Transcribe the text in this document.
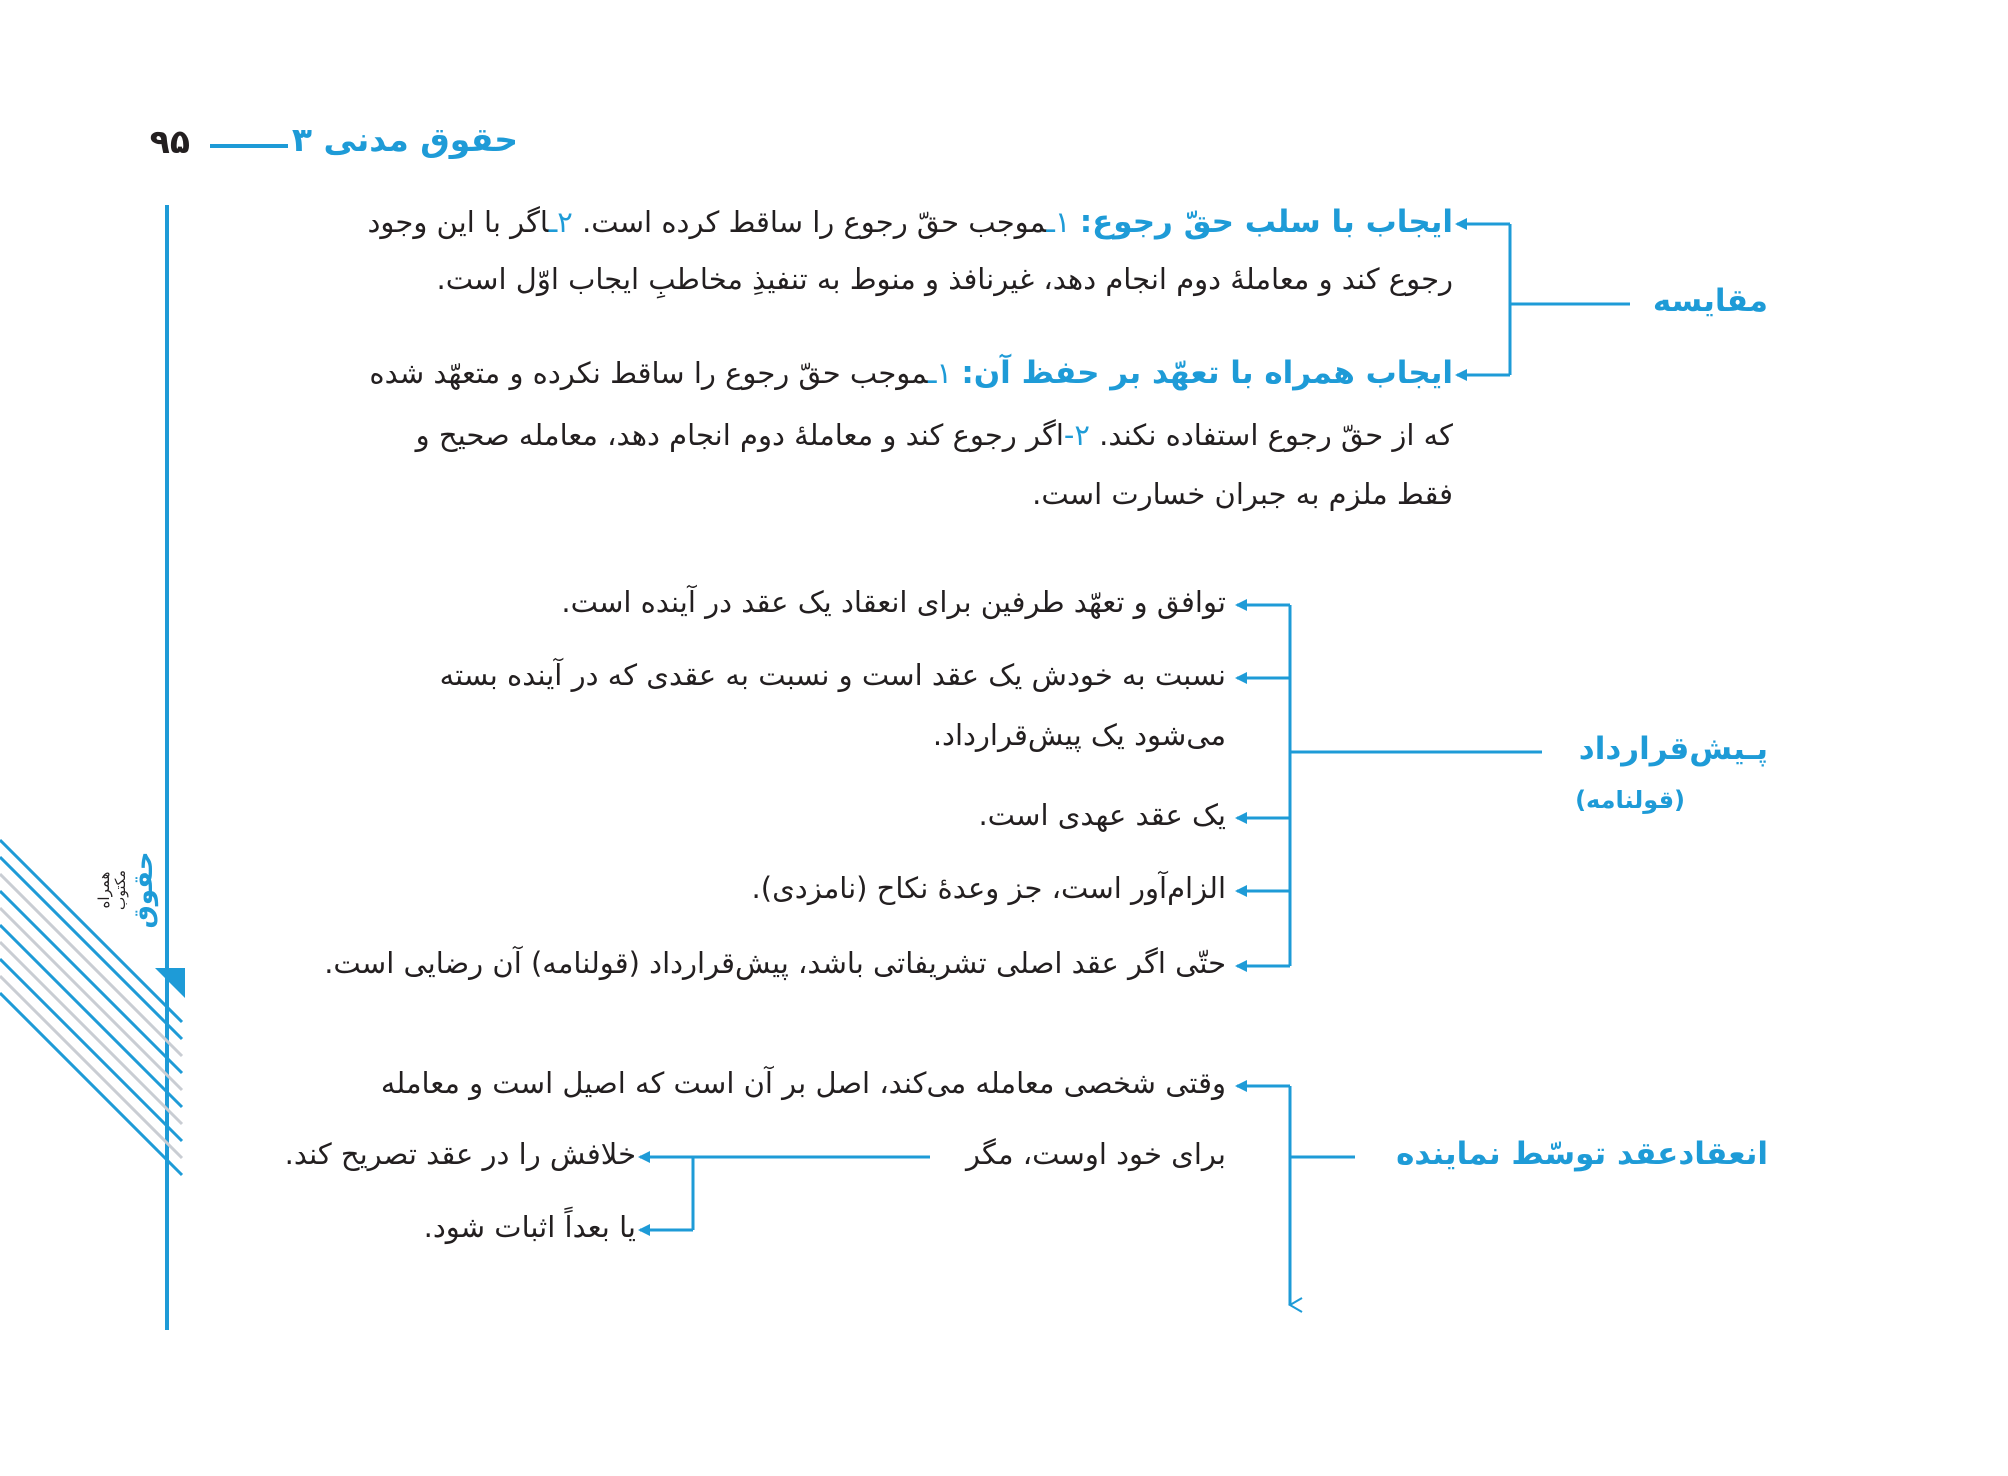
۹۵	حقوق مدنی ۳
همراه مکتوب حقوق
مقایسه
ایجاب با سلب حقّ رجوع: ۱ـموجب حقّ رجوع را ساقط کرده است. ۲ـاگر با این وجود
رجوع کند و معاملهٔ دوم انجام دهد، غیرنافذ و منوط به تنفیذِ مخاطبِ ایجاب اوّل است.
ایجاب همراه با تعهّد بر حفظ آن: ۱ـموجب حقّ رجوع را ساقط نکرده و متعهّد شده
که از حقّ رجوع استفاده نکند. ۲-اگر رجوع کند و معاملهٔ دوم انجام دهد، معامله صحیح و
فقط ملزم به جبران خسارت است.
پـیش‌قرارداد
(قولنامه)
توافق و تعهّد طرفین برای انعقاد یک عقد در آینده است.
نسبت به خودش یک عقد است و نسبت به عقدی که در آینده بسته
می‌شود یک پیش‌قرارداد.
یک عقد عهدی است.
الزام‌آور است، جز وعدهٔ نکاح (نامزدی).
حتّی اگر عقد اصلی تشریفاتی باشد، پیش‌قرارداد (قولنامه) آن رضایی است.
انعقادعقد توسّط نماینده
وقتی شخصی معامله می‌کند، اصل بر آن است که اصیل است و معامله
برای خود اوست، مگر
خلافش را در عقد تصریح کند.
یا بعداً اثبات شود.
